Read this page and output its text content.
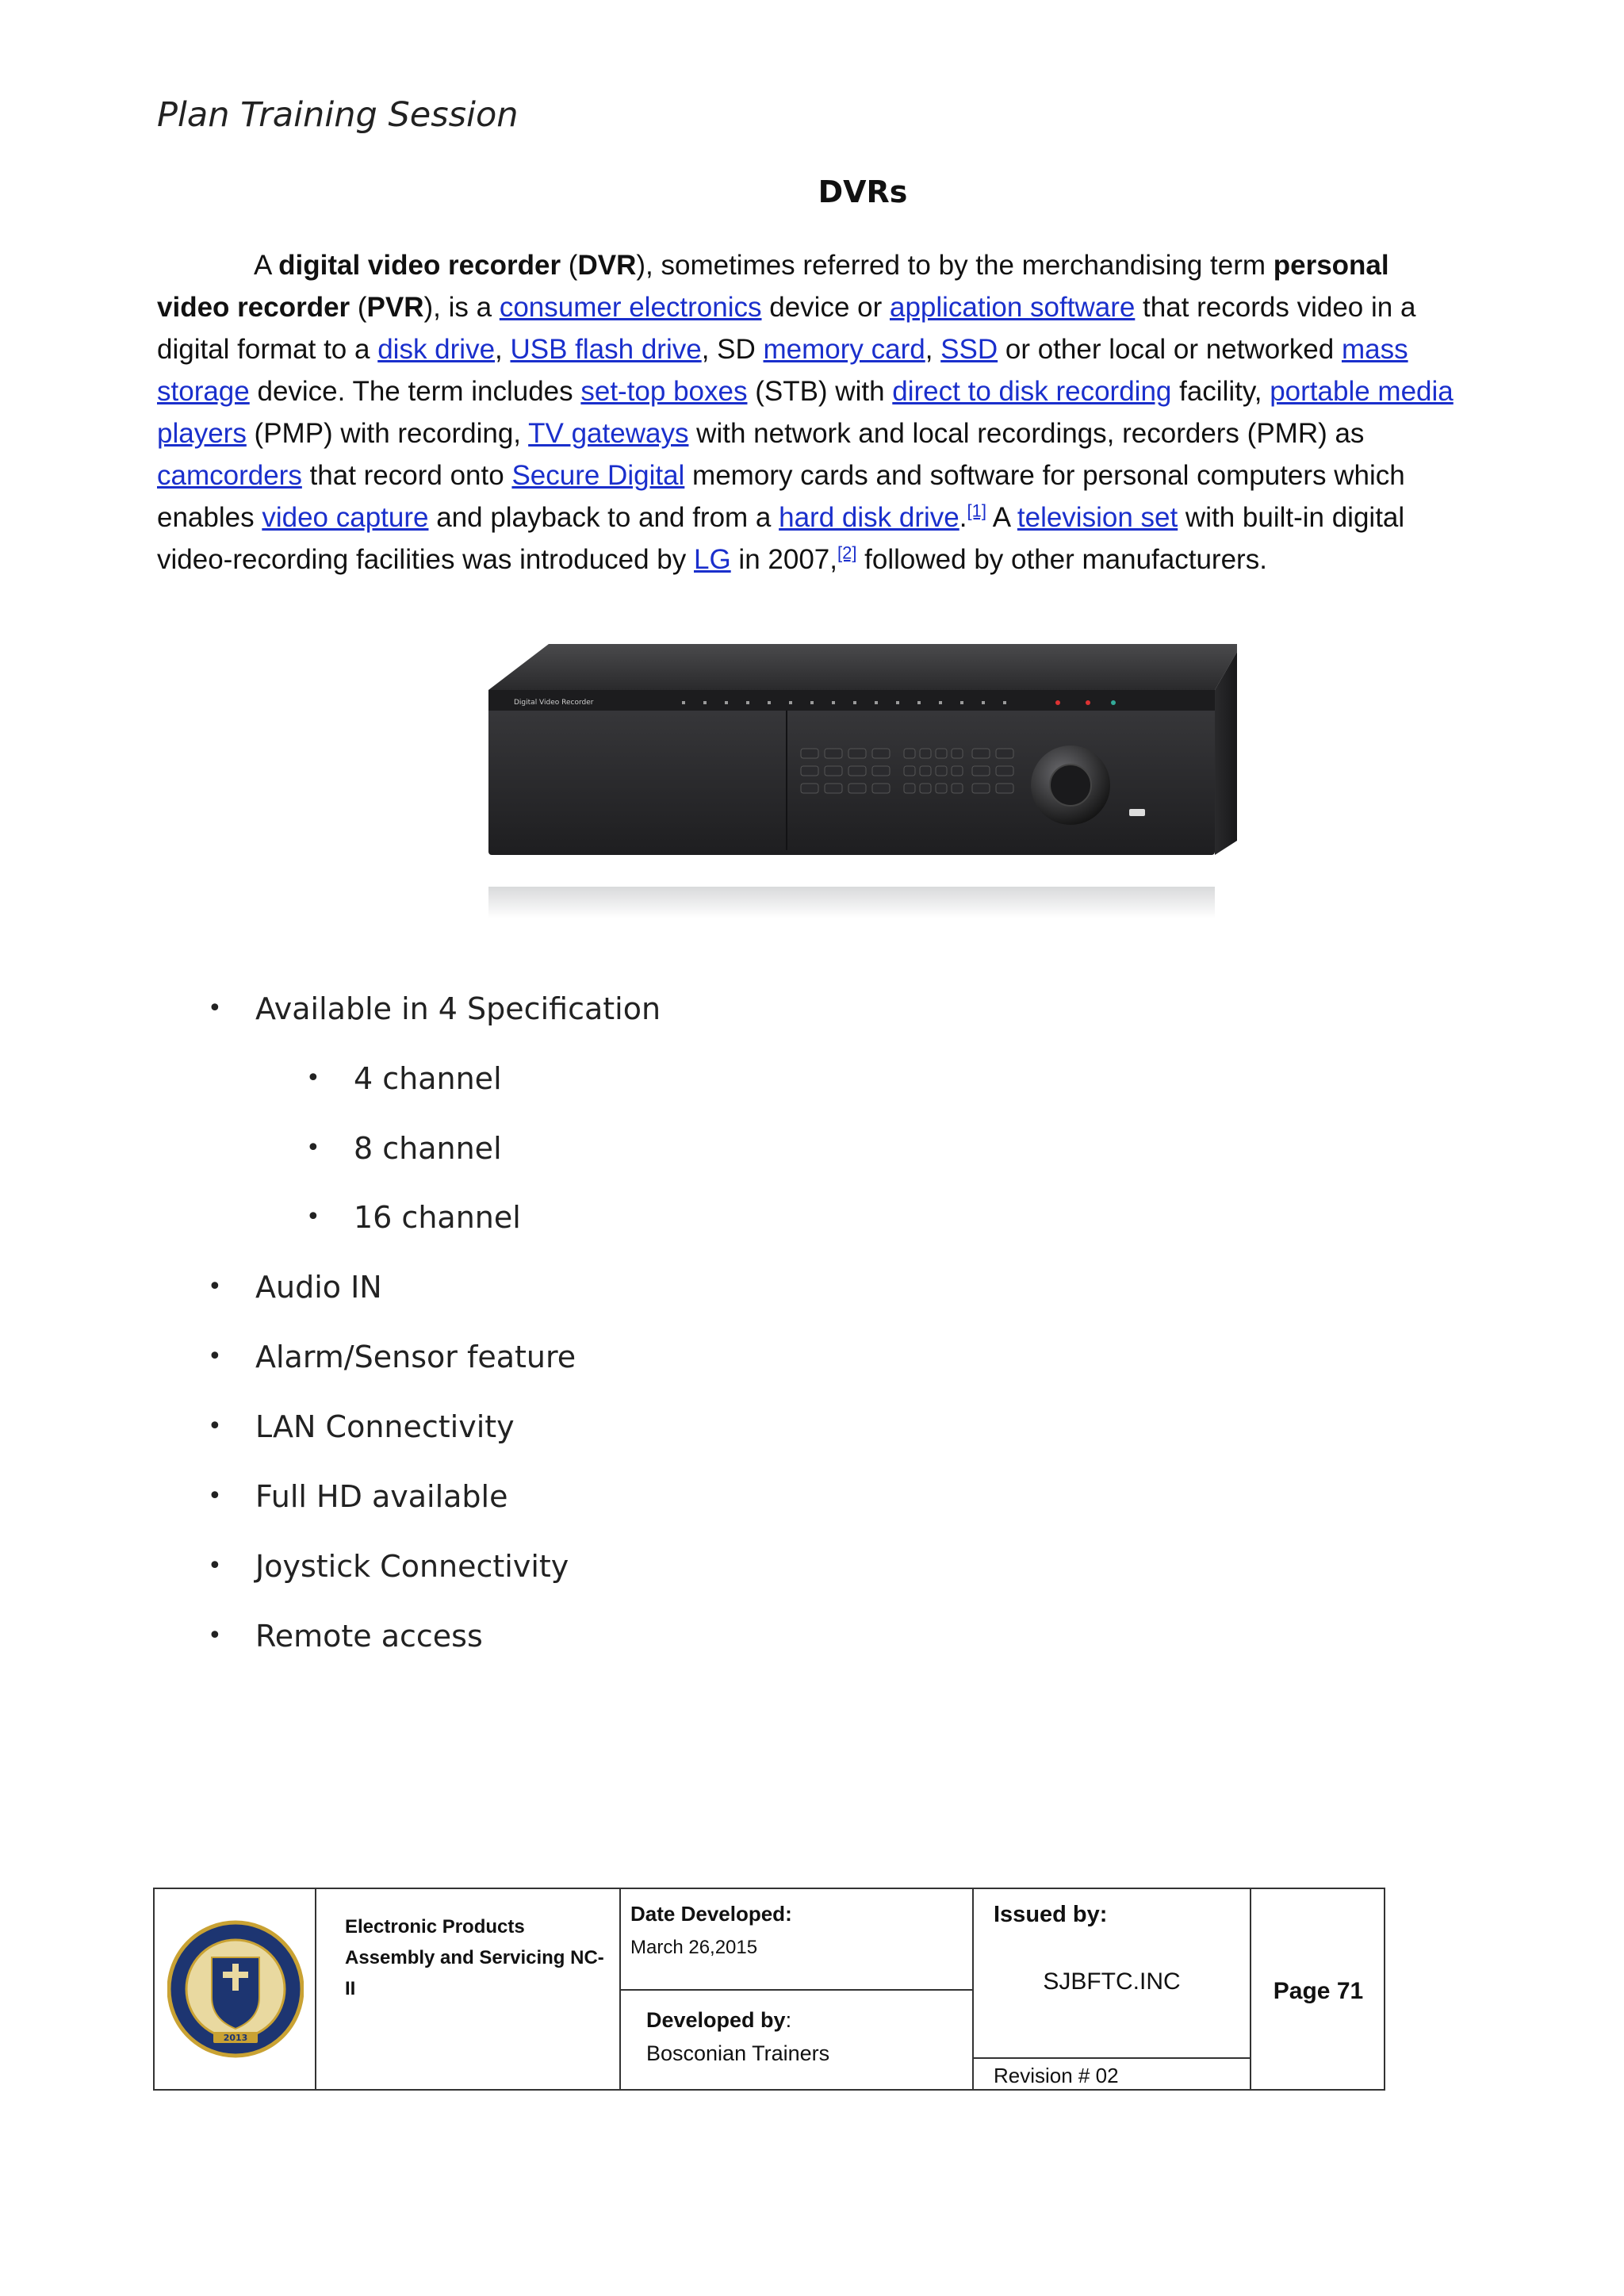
Plan Training Session
DVRs

A digital video recorder (DVR), sometimes referred to by the merchandising term personal video recorder (PVR), is a consumer electronics device or application software that records video in a digital format to a disk drive, USB flash drive, SD memory card, SSD or other local or networked mass storage device. The term includes set-top boxes (STB) with direct to disk recording facility, portable media players (PMP) with recording, TV gateways with network and local recordings, recorders (PMR) as camcorders that record onto Secure Digital memory cards and software for personal computers which enables video capture and playback to and from a hard disk drive.[1] A television set with built-in digital video-recording facilities was introduced by LG in 2007,[2] followed by other manufacturers.

Digital Video Recorder

• Available in 4 Specification

• 4 channel

• 8 channel

• 16 channel

• Audio IN

• Alarm/Sensor feature

• LAN Connectivity

• Full HD available

• Joystick Connectivity

• Remote access

2013

Electronic Products Assembly and Servicing NC-II

Date Developed:

March 26,2015

Developed by:

Bosconian Trainers

Issued by:

SJBFTC.INC

Revision # 02

Page 71
